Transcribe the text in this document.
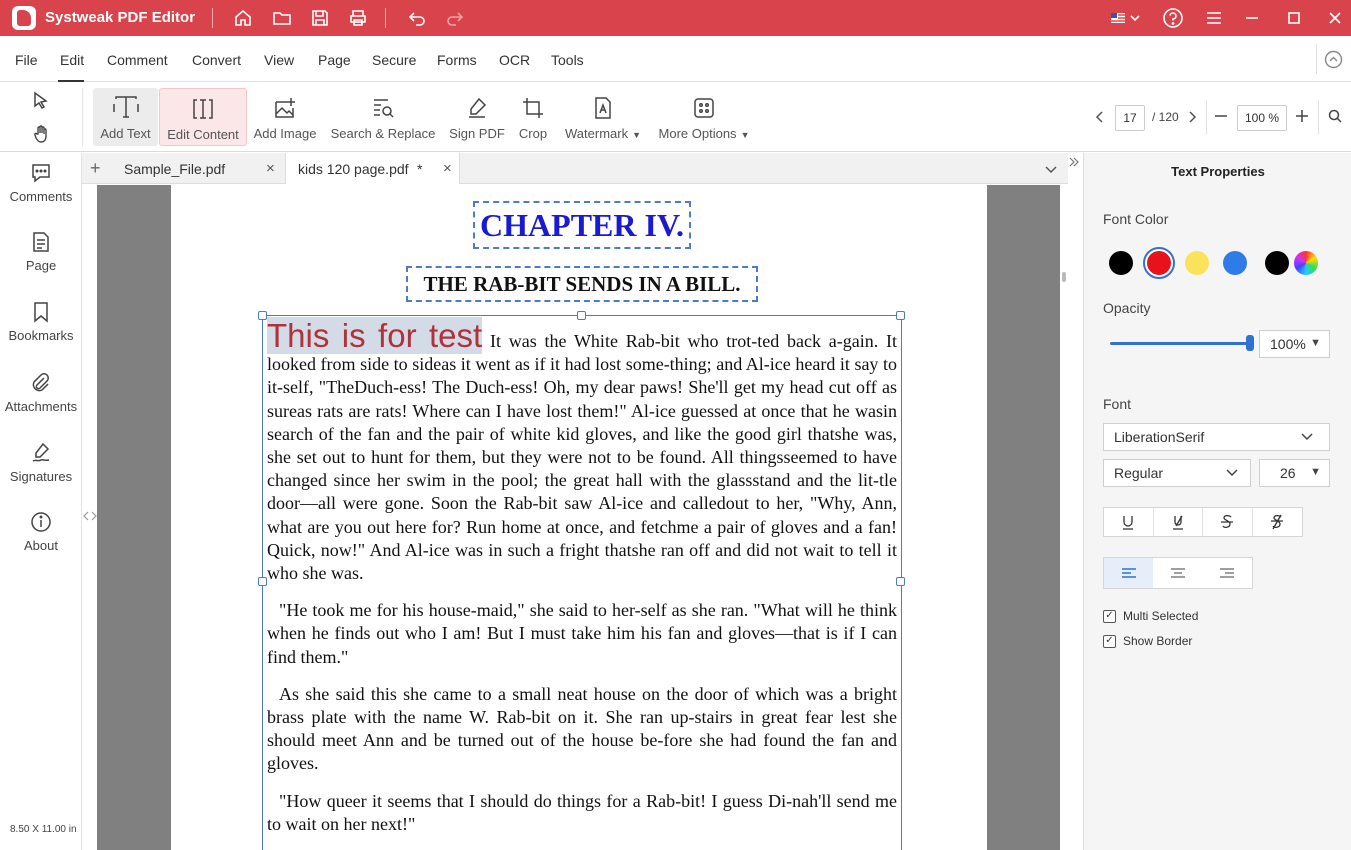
Systweak PDF Editor
File Edit Comment Convert View Page Secure Forms OCR Tools
Add Text Edit Content Add Image Search & Replace Sign PDF Crop Watermark ▼ More Options ▼
17	/ 120	100 %
Comments
Page
Bookmarks
Attachments
Signatures
About
8.50 X 11.00 in
+ Sample_File.pdf	× kids 120 page.pdf * ×
CHAPTER IV.
THE RAB-BIT SENDS IN A BILL.

This is for test It was the White Rab-bit who trot-ted back a-gain. It looked from side to sideas it went as if it had lost some-thing; and Al-ice heard it say to it-self, "TheDuch-ess! The Duch-ess! Oh, my dear paws! She'll get my head cut off as sureas rats are rats! Where can I have lost them!" Al-ice guessed at once that he wasin search of the fan and the pair of white kid gloves, and like the good girl thatshe was, she set out to hunt for them, but they were not to be found. All thingsseemed to have changed since her swim in the pool; the great hall with the glassstand and the lit-tle door—all were gone. Soon the Rab-bit saw Al-ice and calledout to her, "Why, Ann, what are you out here for? Run home at once, and fetchme a pair of gloves and a fan! Quick, now!" And Al-ice was in such a fright thatshe ran off and did not wait to tell it who she was.

"He took me for his house-maid," she said to her-self as she ran. "What will he think when he finds out who I am! But I must take him his fan and gloves—that is if I can find them."

As she said this she came to a small neat house on the door of which was a bright brass plate with the name W. Rab-bit on it. She ran up-stairs in great fear lest she should meet Ann and be turned out of the house be-fore she had found the fan and gloves.

"How queer it seems that I should do things for a Rab-bit! I guess Di-nah'll send me to wait on her next!"

Text Properties
Font Color
Opacity
100% ▼
Font
LiberationSerif
Regular	26 ▼
✓ Multi Selected
✓ Show Border
